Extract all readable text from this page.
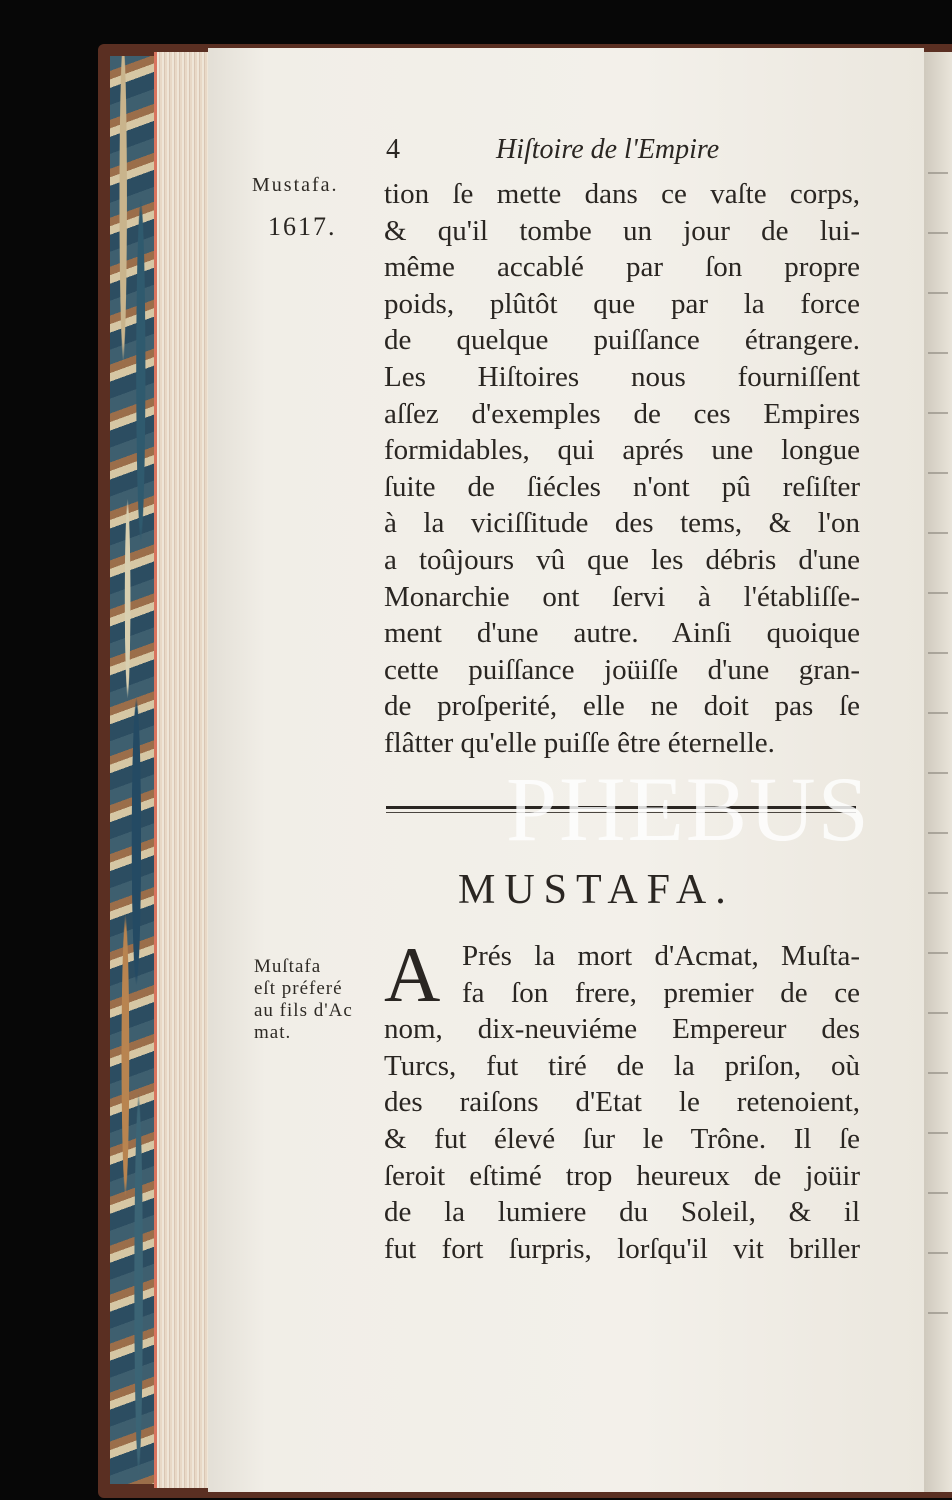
4	Hiſtoire de l'Empire
Mustafa.
1617.
tion ſe mette dans ce vaſte corps,
& qu'il tombe un jour de lui-
même accablé par ſon propre
poids, plûtôt que par la force
de quelque puiſſance étrangere.
Les Hiſtoires nous fourniſſent
aſſez d'exemples de ces Empires
formidables, qui aprés une longue
ſuite de ſiécles n'ont pû reſiſter
à la viciſſitude des tems, & l'on
a toûjours vû que les débris d'une
Monarchie ont ſervi à l'établiſſe-
ment d'une autre. Ainſi quoique
cette puiſſance joüiſſe d'une gran-
de proſperité, elle ne doit pas ſe
flâtter qu'elle puiſſe être éternelle.
MUSTAFA.
Muſtafa
eſt préferé
au fils d'Ac
mat.
A Prés la mort d'Acmat, Muſta-
fa ſon frere, premier de ce
nom, dix-neuviéme Empereur des
Turcs, fut tiré de la priſon, où
des raiſons d'Etat le retenoient,
& fut élevé ſur le Trône. Il ſe
ſeroit eſtimé trop heureux de joüir
de la lumiere du Soleil, & il
fut fort ſurpris, lorſqu'il vit briller
PHEBUS
